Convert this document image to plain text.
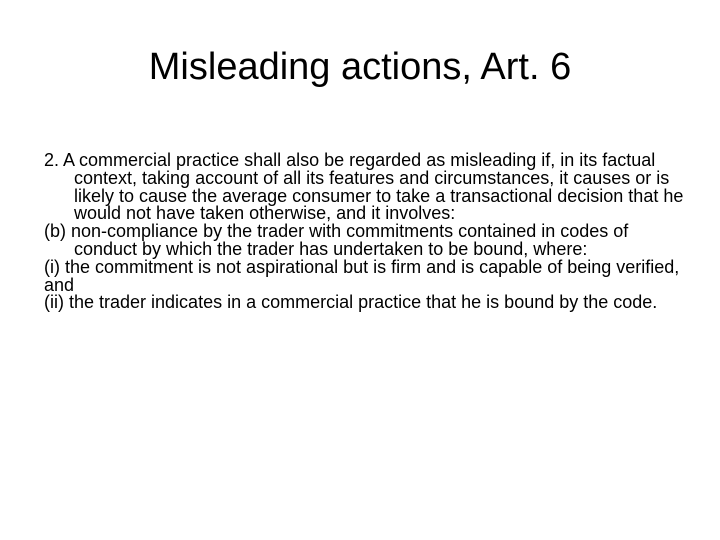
Misleading actions, Art. 6
2. A commercial practice shall also be regarded as misleading if, in its factual context, taking account of all its features and circumstances, it causes or is likely to cause the average consumer to take a transactional decision that he would not have taken otherwise, and it involves:
(b) non-compliance by the trader with commitments contained in codes of conduct by which the trader has undertaken to be bound, where:
(i) the commitment is not aspirational but is firm and is capable of being verified,
and
(ii) the trader indicates in a commercial practice that he is bound by the code.
